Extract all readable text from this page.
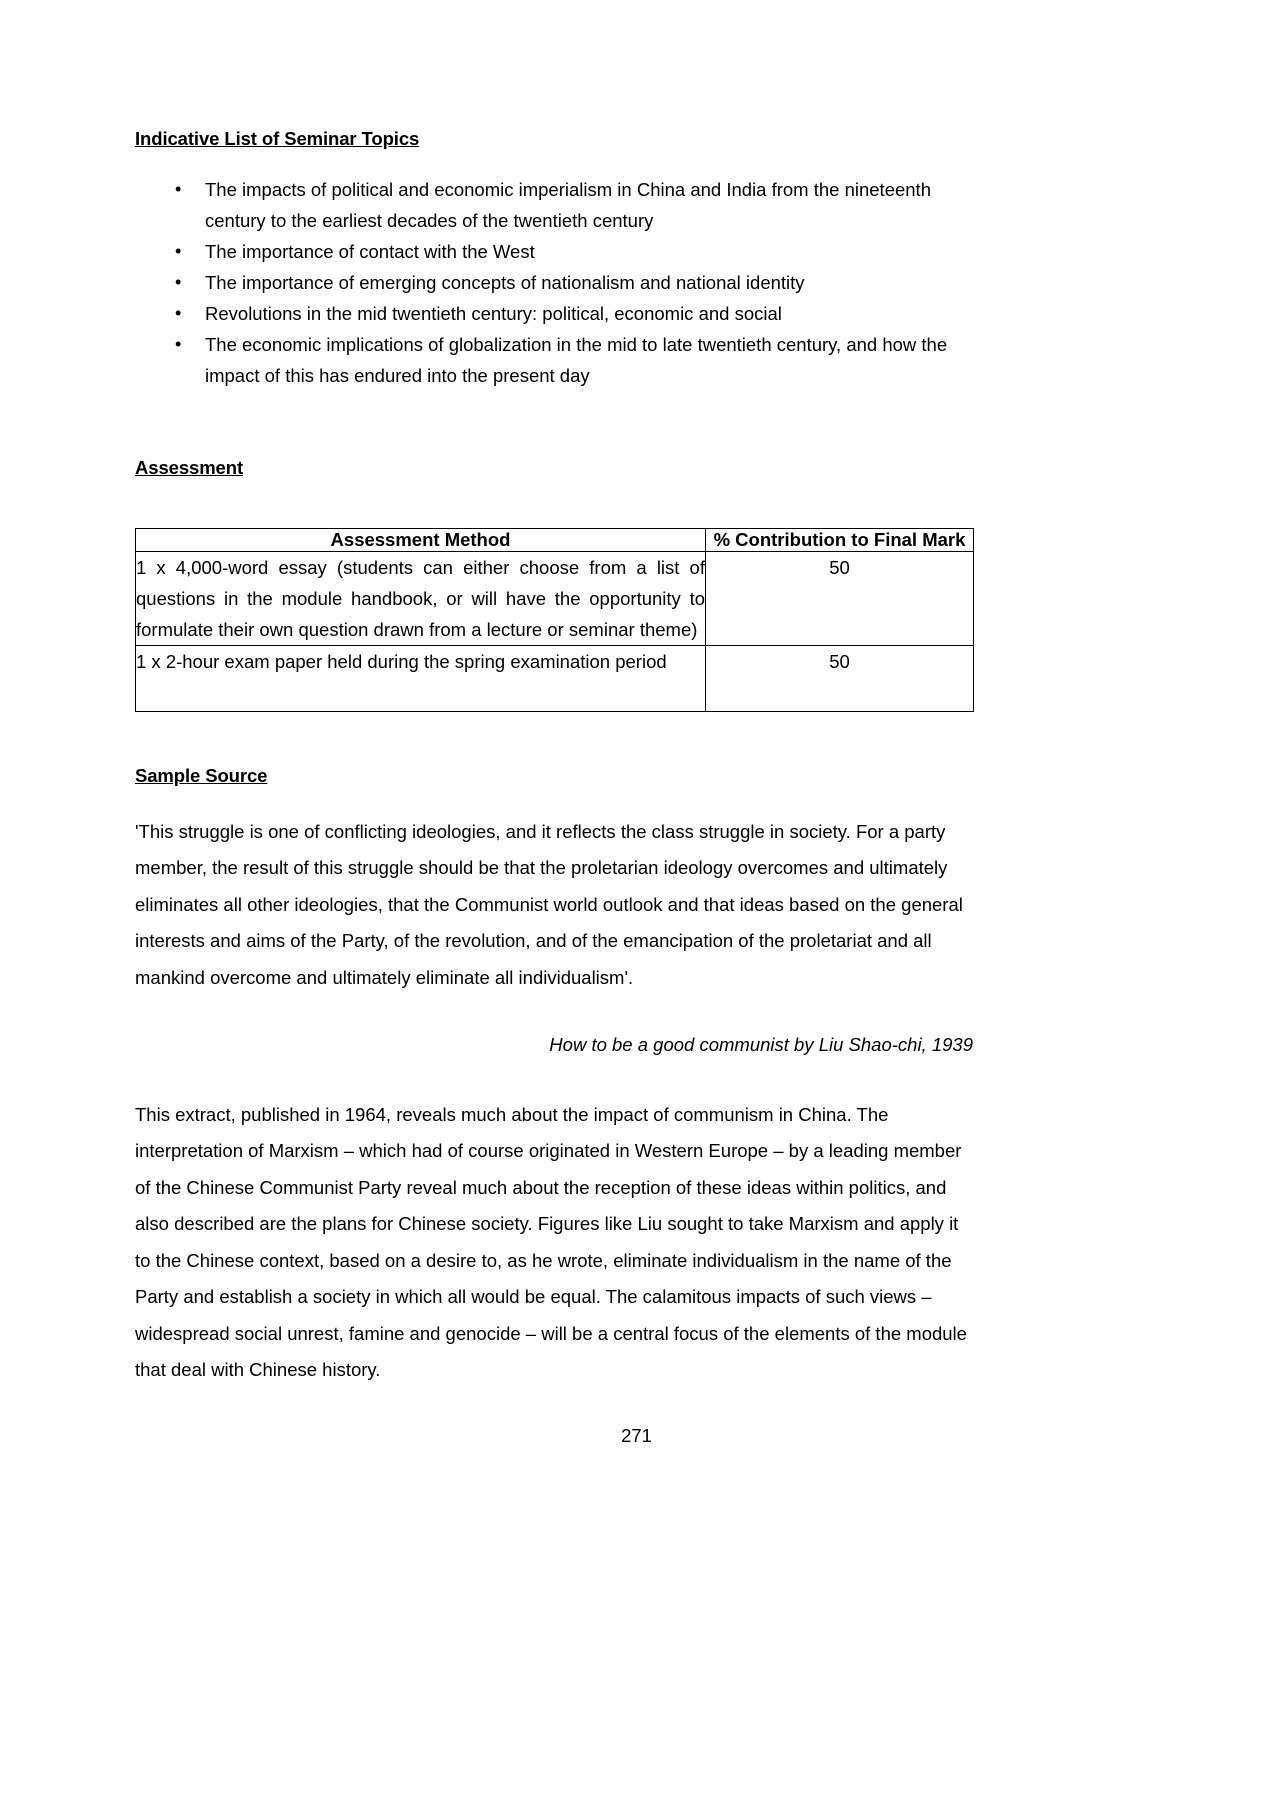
Indicative List of Seminar Topics
• The impacts of political and economic imperialism in China and India from the nineteenth century to the earliest decades of the twentieth century
• The importance of contact with the West
• The importance of emerging concepts of nationalism and national identity
• Revolutions in the mid twentieth century: political, economic and social
• The economic implications of globalization in the mid to late twentieth century, and how the impact of this has endured into the present day
Assessment
Assessment Method	% Contribution to Final Mark
1 x 4,000-word essay (students can either choose from a list of questions in the module handbook, or will have the opportunity to formulate their own question drawn from a lecture or seminar theme)	50
1 x 2-hour exam paper held during the spring examination period	50
Sample Source

'This struggle is one of conflicting ideologies, and it reflects the class struggle in society. For a party member, the result of this struggle should be that the proletarian ideology overcomes and ultimately eliminates all other ideologies, that the Communist world outlook and that ideas based on the general interests and aims of the Party, of the revolution, and of the emancipation of the proletariat and all mankind overcome and ultimately eliminate all individualism'.

How to be a good communist by Liu Shao-chi, 1939

This extract, published in 1964, reveals much about the impact of communism in China. The interpretation of Marxism – which had of course originated in Western Europe – by a leading member of the Chinese Communist Party reveal much about the reception of these ideas within politics, and also described are the plans for Chinese society. Figures like Liu sought to take Marxism and apply it to the Chinese context, based on a desire to, as he wrote, eliminate individualism in the name of the Party and establish a society in which all would be equal. The calamitous impacts of such views – widespread social unrest, famine and genocide – will be a central focus of the elements of the module that deal with Chinese history.

271
